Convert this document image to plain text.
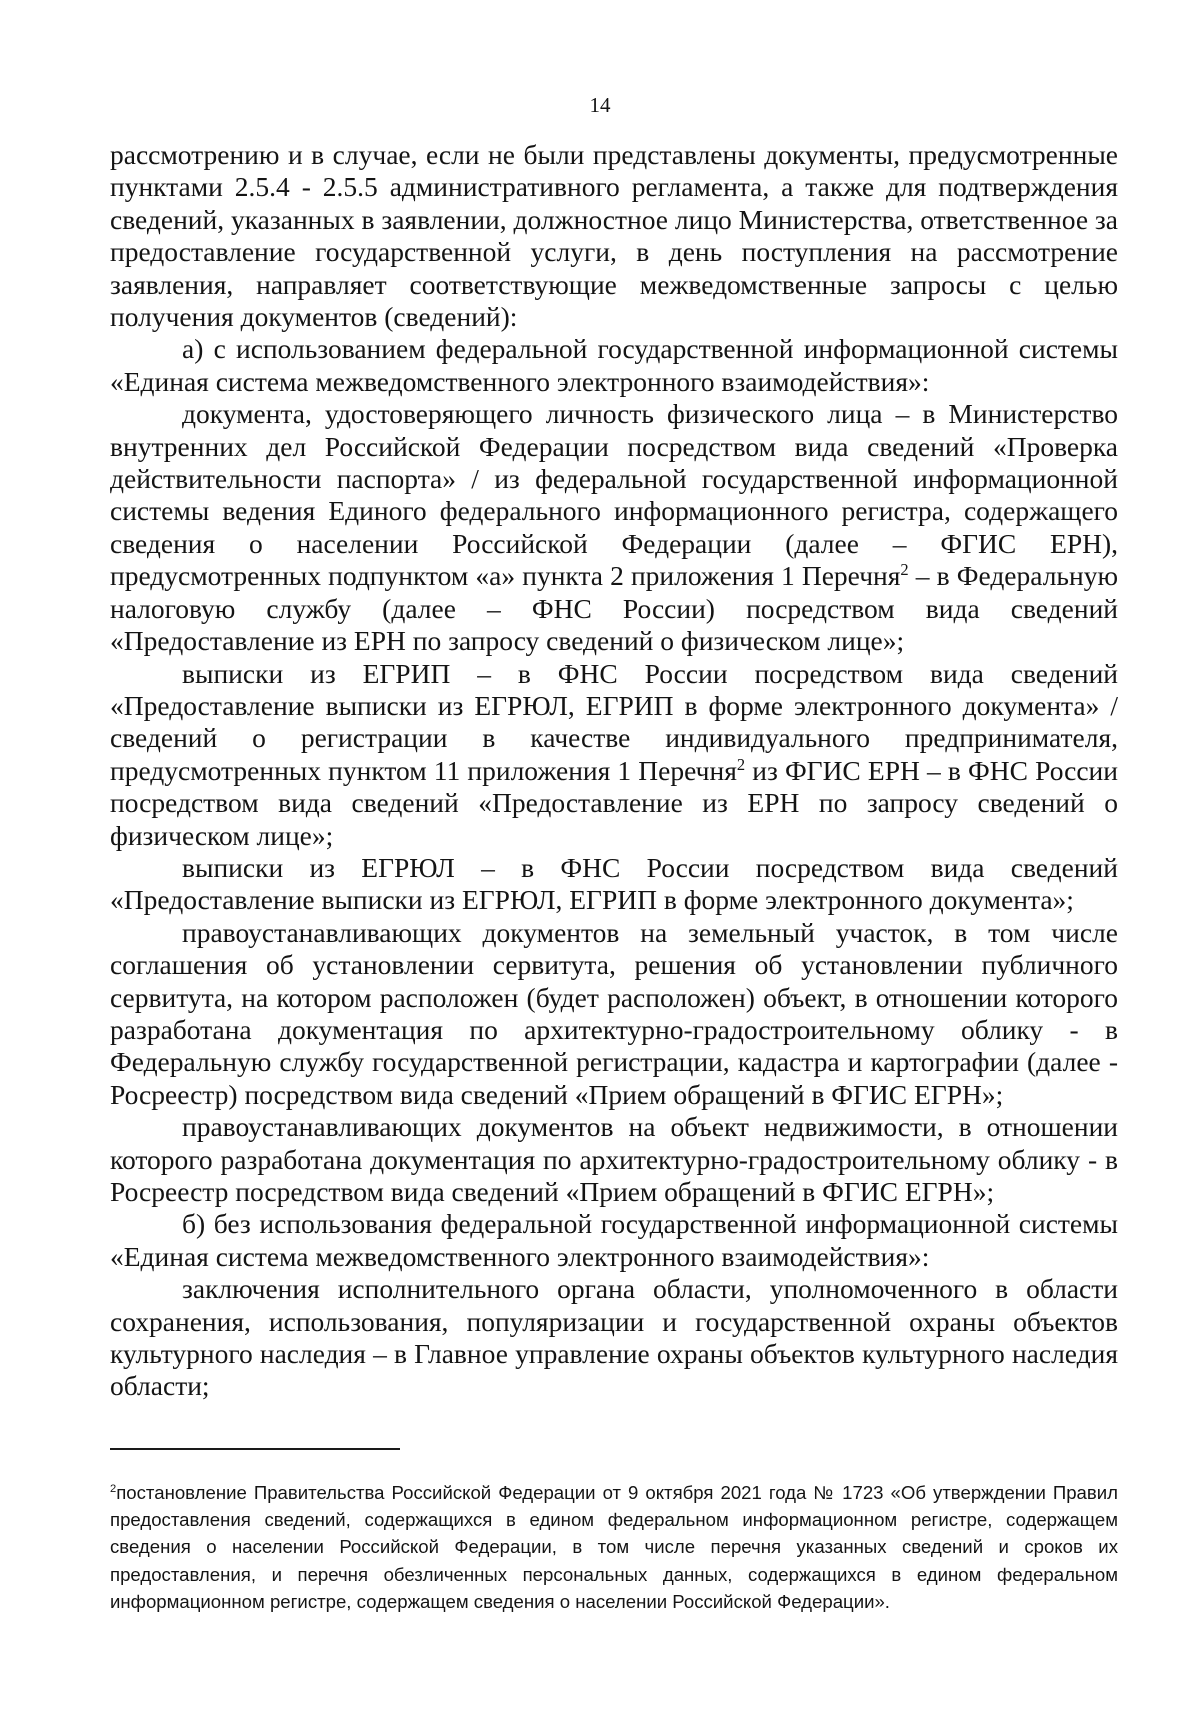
14

рассмотрению и в случае, если не были представлены документы, предусмотренные пунктами 2.5.4 - 2.5.5 административного регламента, а также для подтверждения сведений, указанных в заявлении, должностное лицо Министерства, ответственное за предоставление государственной услуги, в день поступления на рассмотрение заявления, направляет соответствующие межведомственные запросы с целью получения документов (сведений):

а) с использованием федеральной государственной информационной системы «Единая система межведомственного электронного взаимодействия»:

документа, удостоверяющего личность физического лица – в Министерство внутренних дел Российской Федерации посредством вида сведений «Проверка действительности паспорта» / из федеральной государственной информационной системы ведения Единого федерального информационного регистра, содержащего сведения о населении Российской Федерации (далее – ФГИС ЕРН), предусмотренных подпунктом «а» пункта 2 приложения 1 Перечня$^2$ – в Федеральную налоговую службу (далее – ФНС России) посредством вида сведений «Предоставление из ЕРН по запросу сведений о физическом лице»;

выписки из ЕГРИП – в ФНС России посредством вида сведений «Предоставление выписки из ЕГРЮЛ, ЕГРИП в форме электронного документа» / сведений о регистрации в качестве индивидуального предпринимателя, предусмотренных пунктом 11 приложения 1 Перечня$^2$ из ФГИС ЕРН – в ФНС России посредством вида сведений «Предоставление из ЕРН по запросу сведений о физическом лице»;

выписки из ЕГРЮЛ – в ФНС России посредством вида сведений «Предоставление выписки из ЕГРЮЛ, ЕГРИП в форме электронного документа»;

правоустанавливающих документов на земельный участок, в том числе соглашения об установлении сервитута, решения об установлении публичного сервитута, на котором расположен (будет расположен) объект, в отношении которого разработана документация по архитектурно-градостроительному облику - в Федеральную службу государственной регистрации, кадастра и картографии (далее - Росреестр) посредством вида сведений «Прием обращений в ФГИС ЕГРН»;

правоустанавливающих документов на объект недвижимости, в отношении которого разработана документация по архитектурно-градостроительному облику - в Росреестр посредством вида сведений «Прием обращений в ФГИС ЕГРН»;

б) без использования федеральной государственной информационной системы «Единая система межведомственного электронного взаимодействия»:

заключения исполнительного органа области, уполномоченного в области сохранения, использования, популяризации и государственной охраны объектов культурного наследия – в Главное управление охраны объектов культурного наследия области;

$^2$постановление Правительства Российской Федерации от 9 октября 2021 года № 1723 «Об утверждении Правил предоставления сведений, содержащихся в едином федеральном информационном регистре, содержащем сведения о населении Российской Федерации, в том числе перечня указанных сведений и сроков их предоставления, и перечня обезличенных персональных данных, содержащихся в едином федеральном информационном регистре, содержащем сведения о населении Российской Федерации».
